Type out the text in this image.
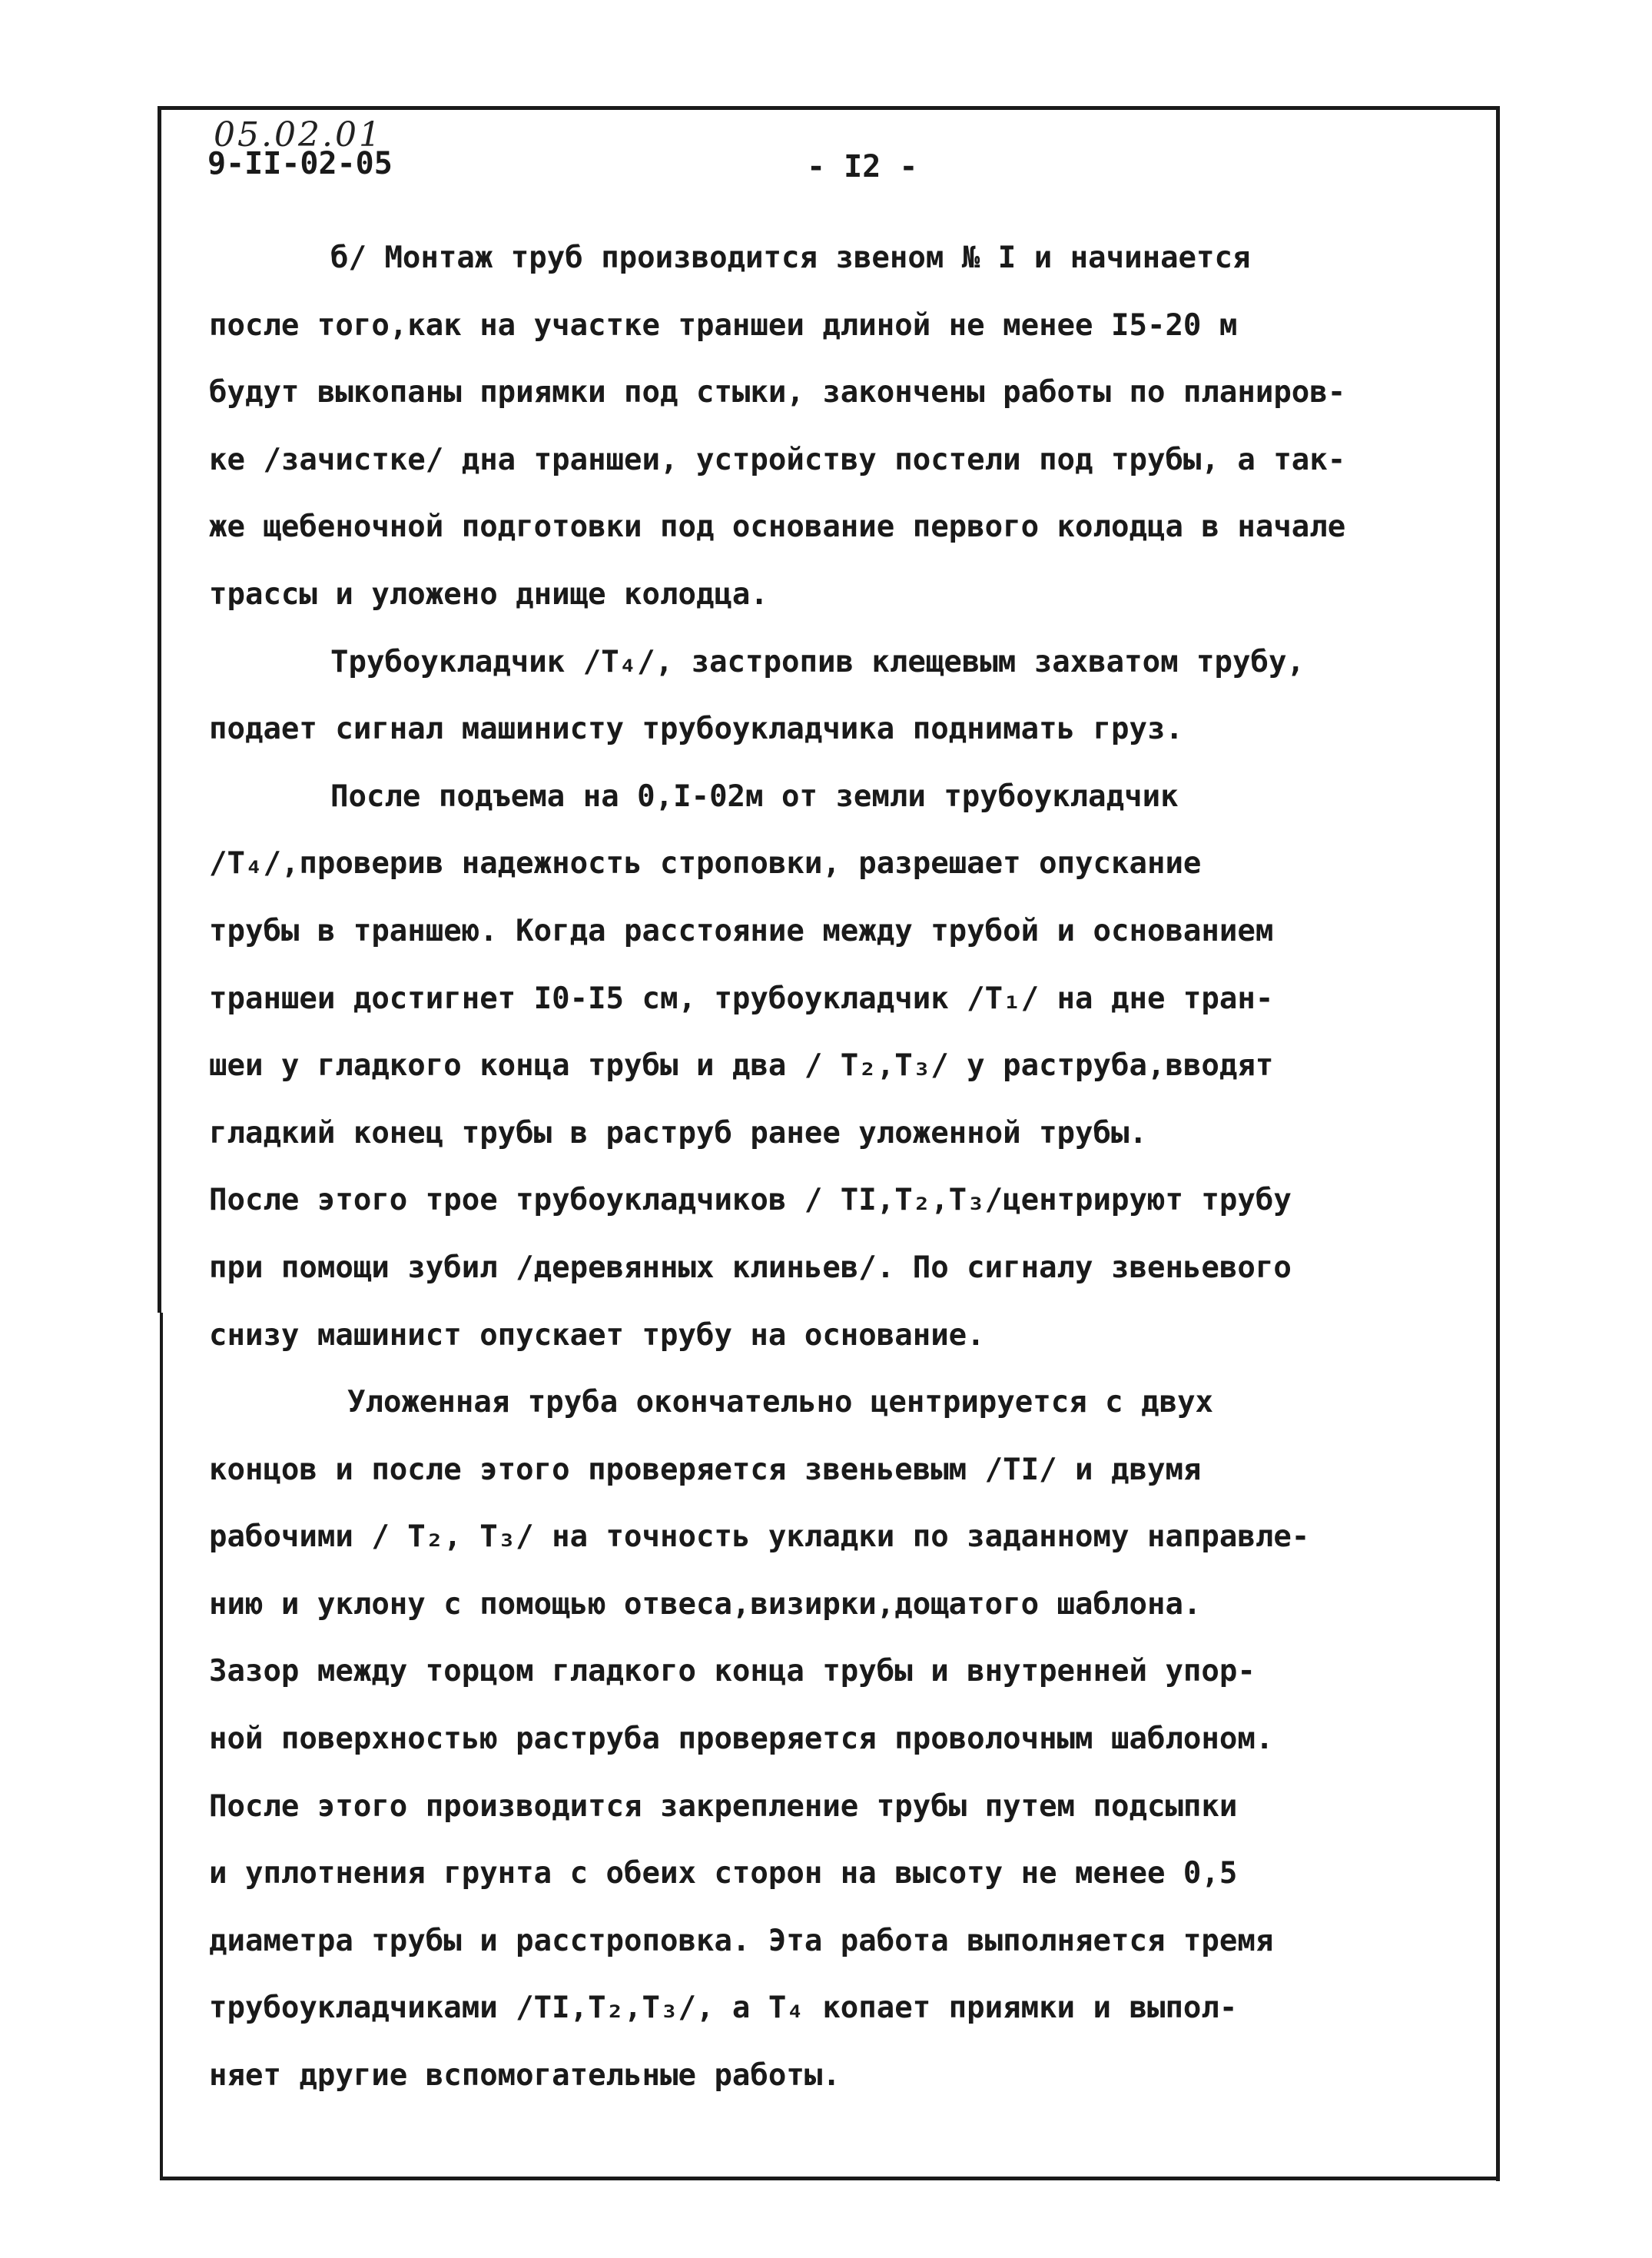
05.02.01
9-II-02-05	- I2 -
б/ Монтаж труб производится звеном № I и начинается
после того,как на участке траншеи длиной не менее I5-20 м
будут выкопаны приямки под стыки, закончены работы по планиров-
ке /зачистке/ дна траншеи, устройству постели под трубы, а так-
же щебеночной подготовки под основание первого колодца в начале
трассы и уложено днище колодца.
Трубоукладчик /Т₄/, застропив клещевым захватом трубу,
подает сигнал машинисту трубоукладчика поднимать груз.
После подъема на 0,I-02м от земли трубоукладчик
/Т₄/,проверив надежность строповки, разрешает опускание
трубы в траншею. Когда расстояние между трубой и основанием
траншеи достигнет I0-I5 см, трубоукладчик /Т₁/ на дне тран-
шеи у гладкого конца трубы и два / Т₂,Т₃/ у раструба,вводят
гладкий конец трубы в раструб ранее уложенной трубы.
После этого трое трубоукладчиков / ТI,Т₂,Т₃/центрируют трубу
при помощи зубил /деревянных клиньев/. По сигналу звеньевого
снизу машинист опускает трубу на основание.
Уложенная труба окончательно центрируется с двух
концов и после этого проверяется звеньевым /ТI/ и двумя
рабочими / Т₂, Т₃/ на точность укладки по заданному направле-
нию и уклону с помощью отвеса,визирки,дощатого шаблона.
Зазор между торцом гладкого конца трубы и внутренней упор-
ной поверхностью раструба проверяется проволочным шаблоном.
После этого производится закрепление трубы путем подсыпки
и уплотнения грунта с обеих сторон на высоту не менее 0,5
диаметра трубы и расстроповка. Эта работа выполняется тремя
трубоукладчиками /ТI,Т₂,Т₃/, а Т₄ копает приямки и выпол-
няет другие вспомогательные работы.
